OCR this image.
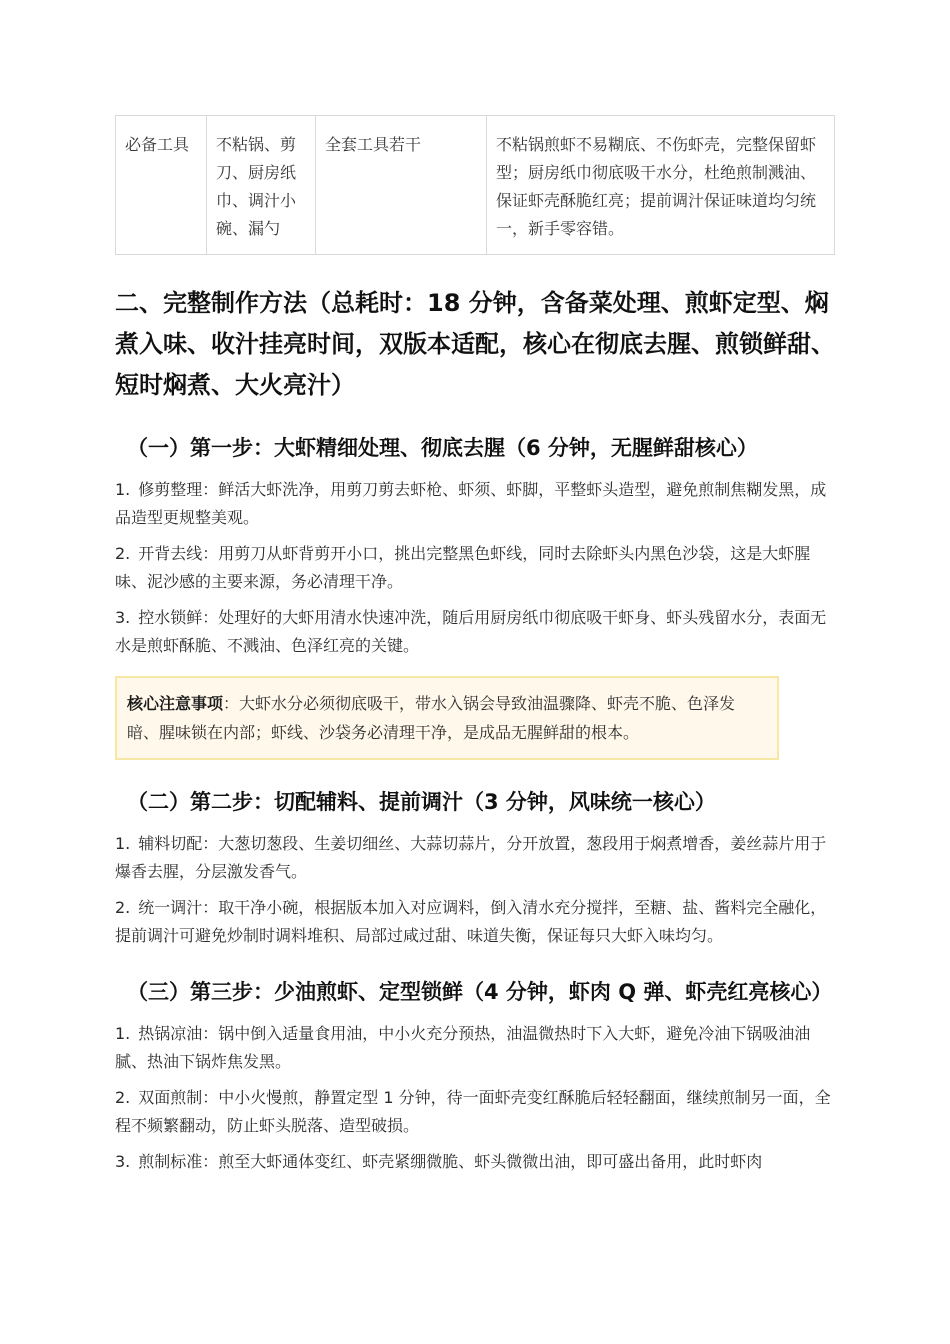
必备工具	不粘锅、剪刀、厨房纸巾、调汁小碗、漏勺	全套工具若干	不粘锅煎虾不易糊底、不伤虾壳，完整保留虾型；厨房纸巾彻底吸干水分，杜绝煎制溅油、保证虾壳酥脆红亮；提前调汁保证味道均匀统一，新手零容错。
二、完整制作方法（总耗时：18 分钟，含备菜处理、煎虾定型、焖煮入味、收汁挂亮时间，双版本适配，核心在彻底去腥、煎锁鲜甜、短时焖煮、大火亮汁）
（一）第一步：大虾精细处理、彻底去腥（6 分钟，无腥鲜甜核心）

1. 修剪整理：鲜活大虾洗净，用剪刀剪去虾枪、虾须、虾脚，平整虾头造型，避免煎制焦糊发黑，成品造型更规整美观。

2. 开背去线：用剪刀从虾背剪开小口，挑出完整黑色虾线，同时去除虾头内黑色沙袋，这是大虾腥味、泥沙感的主要来源，务必清理干净。

3. 控水锁鲜：处理好的大虾用清水快速冲洗，随后用厨房纸巾彻底吸干虾身、虾头残留水分，表面无水是煎虾酥脆、不溅油、色泽红亮的关键。

核心注意事项：大虾水分必须彻底吸干，带水入锅会导致油温骤降、虾壳不脆、色泽发暗、腥味锁在内部；虾线、沙袋务必清理干净，是成品无腥鲜甜的根本。
（二）第二步：切配辅料、提前调汁（3 分钟，风味统一核心）

1. 辅料切配：大葱切葱段、生姜切细丝、大蒜切蒜片，分开放置，葱段用于焖煮增香，姜丝蒜片用于爆香去腥，分层激发香气。

2. 统一调汁：取干净小碗，根据版本加入对应调料，倒入清水充分搅拌，至糖、盐、酱料完全融化，提前调汁可避免炒制时调料堆积、局部过咸过甜、味道失衡，保证每只大虾入味均匀。

（三）第三步：少油煎虾、定型锁鲜（4 分钟，虾肉 Q 弹、虾壳红亮核心）

1. 热锅凉油：锅中倒入适量食用油，中小火充分预热，油温微热时下入大虾，避免冷油下锅吸油油腻、热油下锅炸焦发黑。

2. 双面煎制：中小火慢煎，静置定型 1 分钟，待一面虾壳变红酥脆后轻轻翻面，继续煎制另一面，全程不频繁翻动，防止虾头脱落、造型破损。

3. 煎制标准：煎至大虾通体变红、虾壳紧绷微脆、虾头微微出油，即可盛出备用，此时虾肉
